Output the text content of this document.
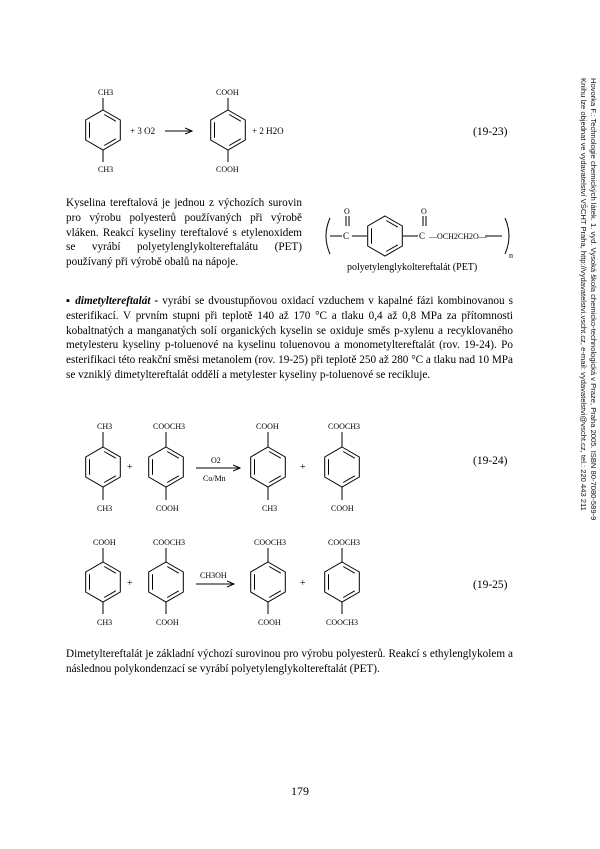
Hovorka F.: Technologie chemických látek. 1. vyd. Vysoká škola chemicko-technologická v Praze, Praha 2005. ISBN 80-7080-589-9
Knihu lze objednat ve vydavatelství VŠCHT Praha, http://vydavatelstvi.vscht.cz, e-mail: vydavatelstvi@vscht.cz, tel.: 220 443 211
CH3
CH3
+ 3 O2
COOH
COOH
+ 2 H2O
C
O
C —OCH2CH2O—
O
n
polyetylenglykoltereftalát (PET)
CH3
CH3
+
COOCH3
COOH
O2
Co/Mn
COOH
CH3
+
COOCH3
COOH
COOH
CH3
+
COOCH3
COOH
CH3OH
COOCH3
COOH
+
COOCH3
COOCH3
(19-23)
(19-24)
(19-25)
Kyselina tereftalová je jednou z výchozích surovin pro výrobu polyesterů používaných při výrobě vláken. Reakcí kyseliny tereftalové s etylenoxidem se vyrábí polyetylenglykoltereftalátu (PET) používaný při výrobě obalů na nápoje.
▪ dimetyltereftalát - vyrábí se dvoustupňovou oxidací vzduchem v kapalné fázi kombinovanou s esterifikací. V prvním stupni při teplotě 140 až 170 °C a tlaku 0,4 až 0,8 MPa za přítomnosti kobaltnatých a manganatých solí organických kyselin se oxiduje směs p-xylenu a recyklovaného metylesteru kyseliny p-toluenové na kyselinu toluenovou a monometyltereftalát (rov. 19-24). Po esterifikaci této reakční směsi metanolem (rov. 19-25) při teplotě 250 až 280 °C a tlaku nad 10 MPa se vzniklý dimetyltereftalát oddělí a metylester kyseliny p-toluenové se recikluje.
Dimetyltereftalát je základní výchozí surovinou pro výrobu polyesterů. Reakcí s ethylenglykolem a následnou polykondenzací se vyrábí polyetylenglykoltereftalát (PET).
179
